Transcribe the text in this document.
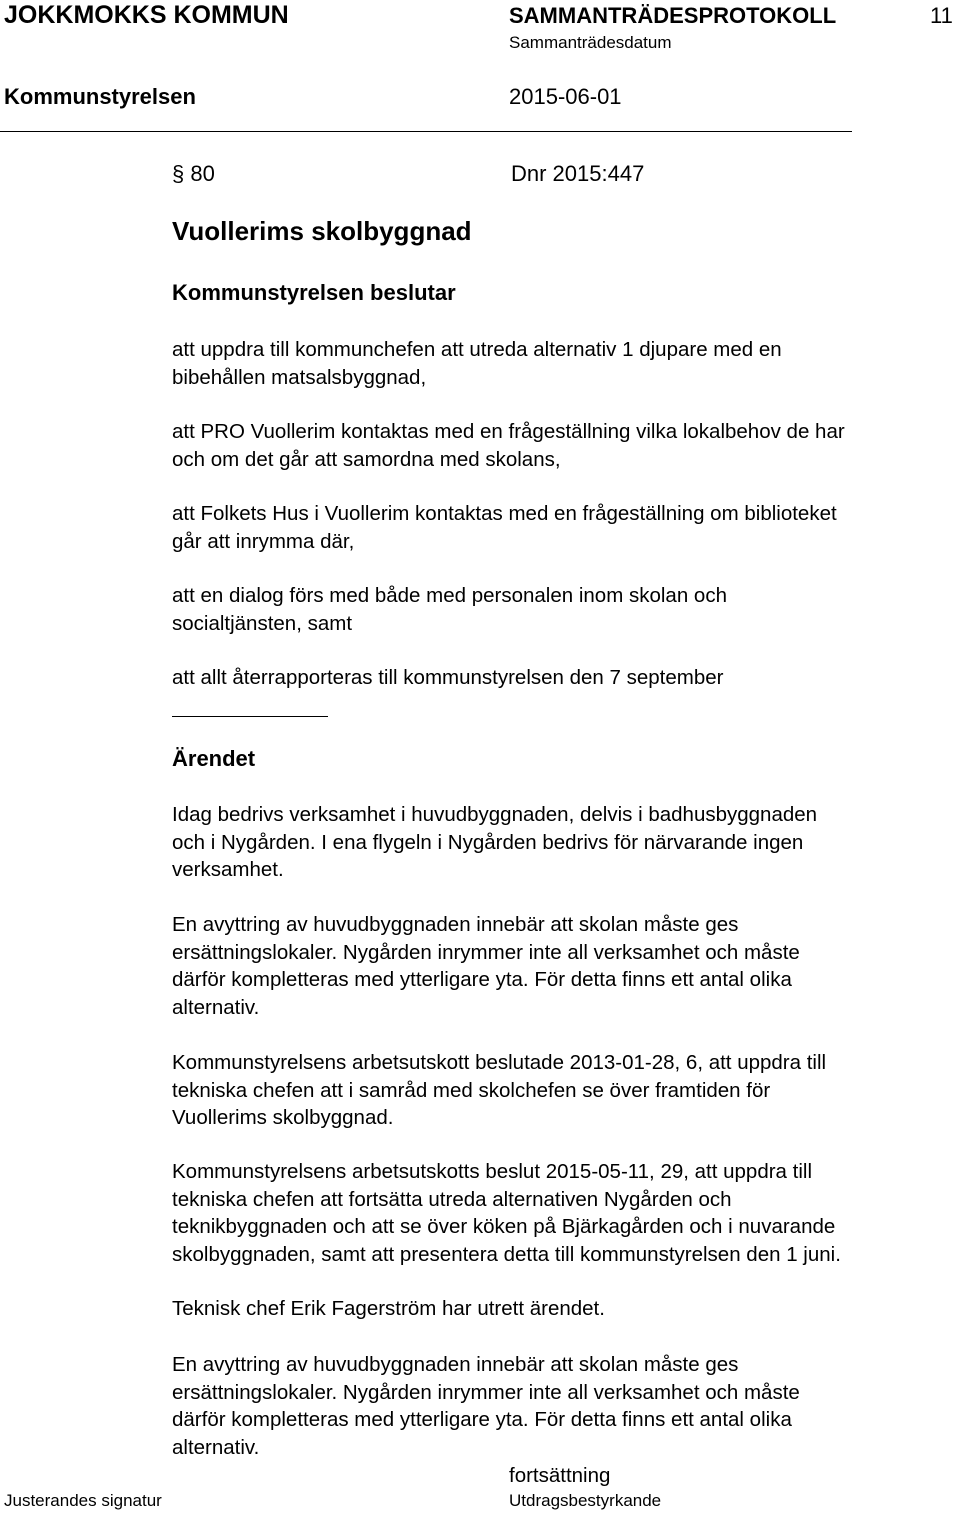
JOKKMOKKS KOMMUN	SAMMANTRÄDESPROTOKOLL	11
Sammanträdesdatum
Kommunstyrelsen	2015-06-01
§ 80	Dnr 2015:447
Vuollerims skolbyggnad
Kommunstyrelsen beslutar
att uppdra till kommunchefen att utreda alternativ 1 djupare med en
bibehållen matsalsbyggnad,
att PRO Vuollerim kontaktas med en frågeställning vilka lokalbehov de har
och om det går att samordna med skolans,
att Folkets Hus i Vuollerim kontaktas med en frågeställning om biblioteket
går att inrymma där,
att en dialog förs med både med personalen inom skolan och
socialtjänsten, samt
att allt återrapporteras till kommunstyrelsen den 7 september
Ärendet
Idag bedrivs verksamhet i huvudbyggnaden, delvis i badhusbyggnaden
och i Nygården. I ena flygeln i Nygården bedrivs för närvarande ingen
verksamhet.
En avyttring av huvudbyggnaden innebär att skolan måste ges
ersättningslokaler. Nygården inrymmer inte all verksamhet och måste
därför kompletteras med ytterligare yta. För detta finns ett antal olika
alternativ.
Kommunstyrelsens arbetsutskott beslutade 2013-01-28, 6, att uppdra till
tekniska chefen att i samråd med skolchefen se över framtiden för
Vuollerims skolbyggnad.
Kommunstyrelsens arbetsutskotts beslut 2015-05-11, 29, att uppdra till
tekniska chefen att fortsätta utreda alternativen Nygården och
teknikbyggnaden och att se över köken på Bjärkagården och i nuvarande
skolbyggnaden, samt att presentera detta till kommunstyrelsen den 1 juni.
Teknisk chef Erik Fagerström har utrett ärendet.
En avyttring av huvudbyggnaden innebär att skolan måste ges
ersättningslokaler. Nygården inrymmer inte all verksamhet och måste
därför kompletteras med ytterligare yta. För detta finns ett antal olika
alternativ.
fortsättning
Justerandes signatur	Utdragsbestyrkande
